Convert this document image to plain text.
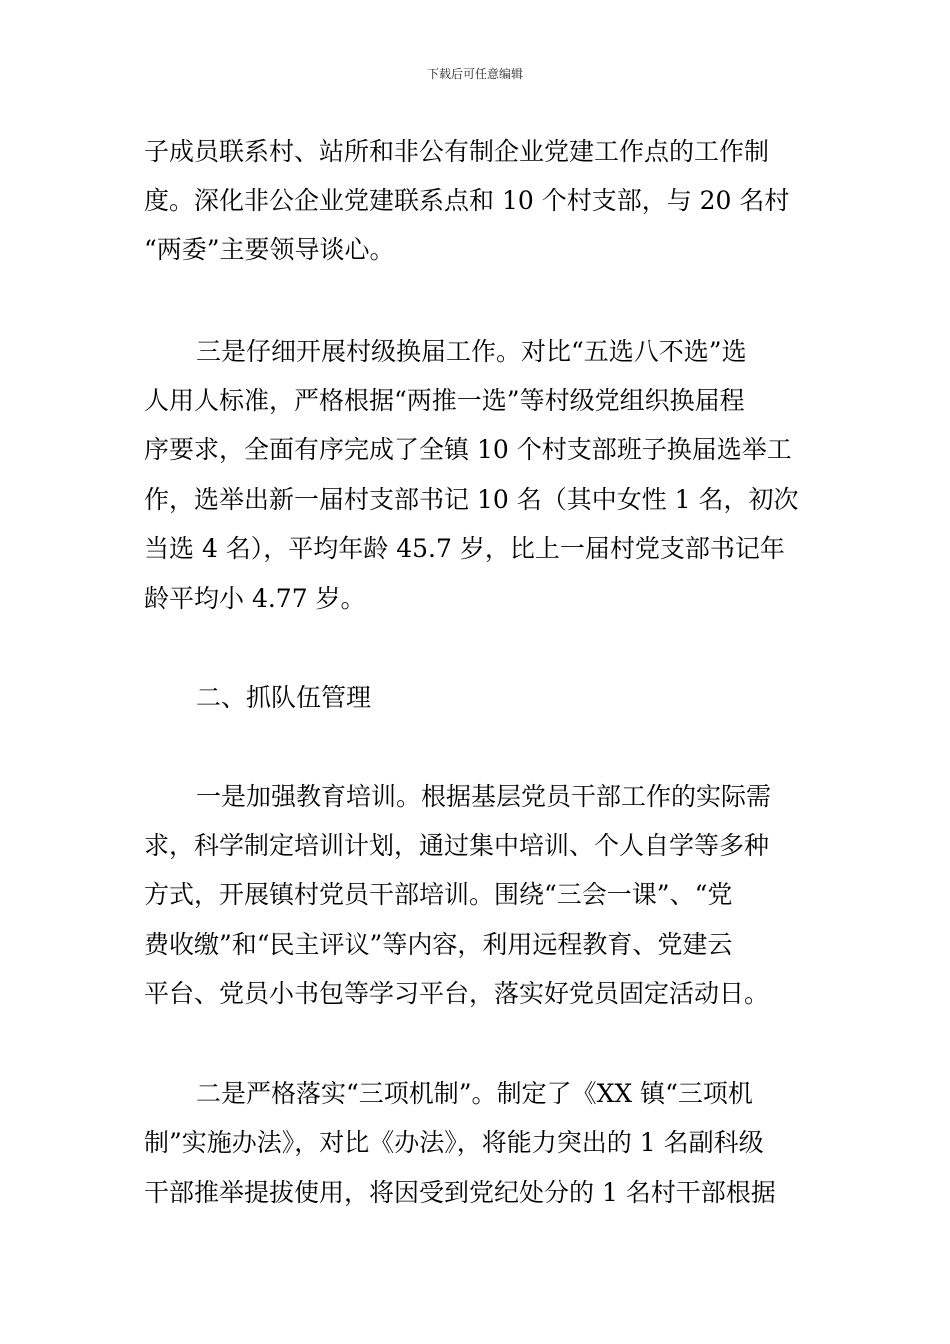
下载后可任意编辑
子成员联系村、站所和非公有制企业党建工作点的工作制
度。深化非公企业党建联系点和 10 个村支部，与 20 名村
“两委”主要领导谈心。
三是仔细开展村级换届工作。对比“五选八不选”选
人用人标准，严格根据“两推一选”等村级党组织换届程
序要求，全面有序完成了全镇 10 个村支部班子换届选举工
作，选举出新一届村支部书记 10 名（其中女性 1 名，初次
当选 4 名），平均年龄 45.7 岁，比上一届村党支部书记年
龄平均小 4.77 岁。
二、抓队伍管理
一是加强教育培训。根据基层党员干部工作的实际需
求，科学制定培训计划，通过集中培训、个人自学等多种
方式，开展镇村党员干部培训。围绕“三会一课”、“党
费收缴”和“民主评议”等内容，利用远程教育、党建云
平台、党员小书包等学习平台，落实好党员固定活动日。
二是严格落实“三项机制”。制定了《XX 镇“三项机
制”实施办法》，对比《办法》，将能力突出的 1 名副科级
干部推举提拔使用，将因受到党纪处分的 1 名村干部根据
